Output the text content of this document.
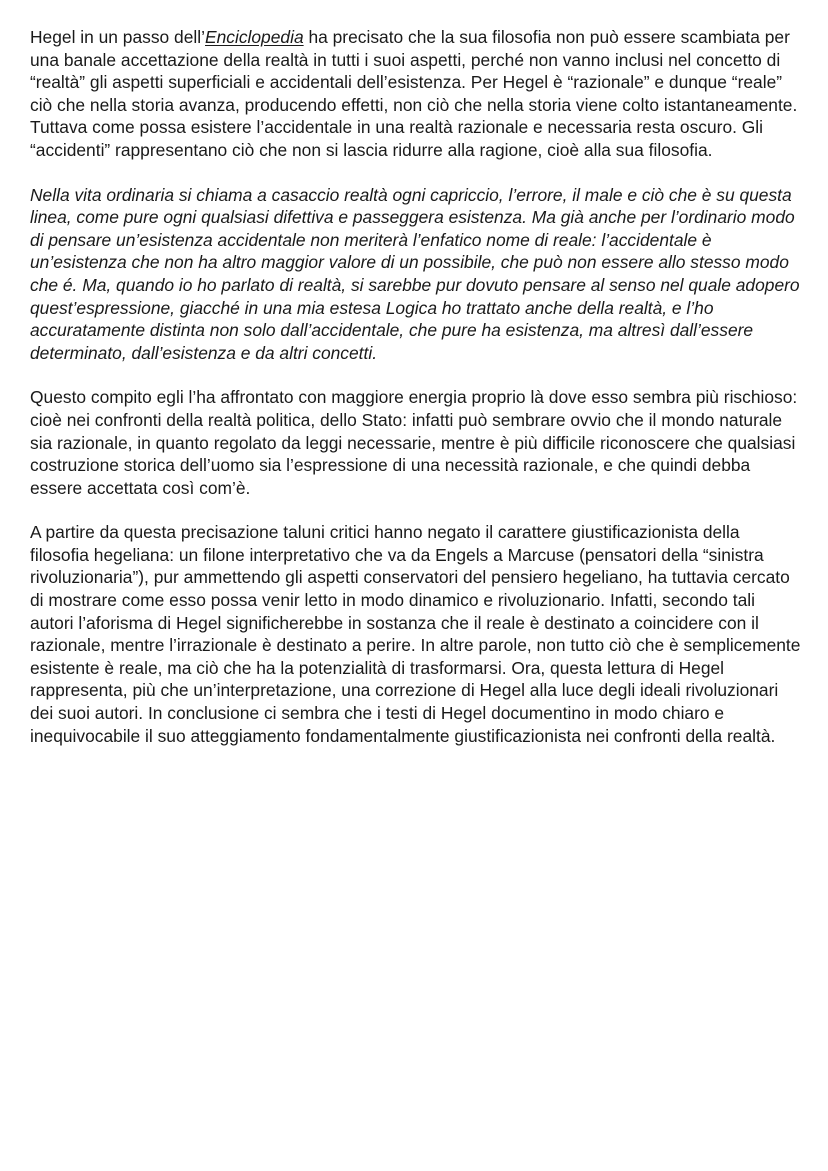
Hegel in un passo dell’Enciclopedia ha precisato che la sua filosofia non può essere scambiata per una banale accettazione della realtà in tutti i suoi aspetti, perché non vanno inclusi nel concetto di “realtà” gli aspetti superficiali e accidentali dell’esistenza. Per Hegel è “razionale” e dunque “reale” ciò che nella storia avanza, producendo effetti, non ciò che nella storia viene colto istantaneamente. Tuttava come possa esistere l’accidentale in una realtà razionale e necessaria resta oscuro. Gli “accidenti” rappresentano ciò che non si lascia ridurre alla ragione, cioè alla sua filosofia.

Nella vita ordinaria si chiama a casaccio realtà ogni capriccio, l’errore, il male e ciò che è su questa linea, come pure ogni qualsiasi difettiva e passeggera esistenza. Ma già anche per l’ordinario modo di pensare un’esistenza accidentale non meriterà l’enfatico nome di reale: l’accidentale è un’esistenza che non ha altro maggior valore di un possibile, che può non essere allo stesso modo che é. Ma, quando io ho parlato di realtà, si sarebbe pur dovuto pensare al senso nel quale adopero quest’espressione, giacché in una mia estesa Logica ho trattato anche della realtà, e l’ho accuratamente distinta non solo dall’accidentale, che pure ha esistenza, ma altresì dall’essere determinato, dall’esistenza e da altri concetti.

Questo compito egli l’ha affrontato con maggiore energia proprio là dove esso sembra più rischioso: cioè nei confronti della realtà politica, dello Stato: infatti può sembrare ovvio che il mondo naturale sia razionale, in quanto regolato da leggi necessarie, mentre è più difficile riconoscere che qualsiasi costruzione storica dell’uomo sia l’espressione di una necessità razionale, e che quindi debba essere accettata così com’è.

A partire da questa precisazione taluni critici hanno negato il carattere giustificazionista della filosofia hegeliana: un filone interpretativo che va da Engels a Marcuse (pensatori della “sinistra rivoluzionaria”), pur ammettendo gli aspetti conservatori del pensiero hegeliano, ha tuttavia cercato di mostrare come esso possa venir letto in modo dinamico e rivoluzionario. Infatti, secondo tali autori l’aforisma di Hegel significherebbe in sostanza che il reale è destinato a coincidere con il razionale, mentre l’irrazionale è destinato a perire. In altre parole, non tutto ciò che è semplicemente esistente è reale, ma ciò che ha la potenzialità di trasformarsi. Ora, questa lettura di Hegel rappresenta, più che un’interpretazione, una correzione di Hegel alla luce degli ideali rivoluzionari dei suoi autori. In conclusione ci sembra che i testi di Hegel documentino in modo chiaro e inequivocabile il suo atteggiamento fondamentalmente giustificazionista nei confronti della realtà.
